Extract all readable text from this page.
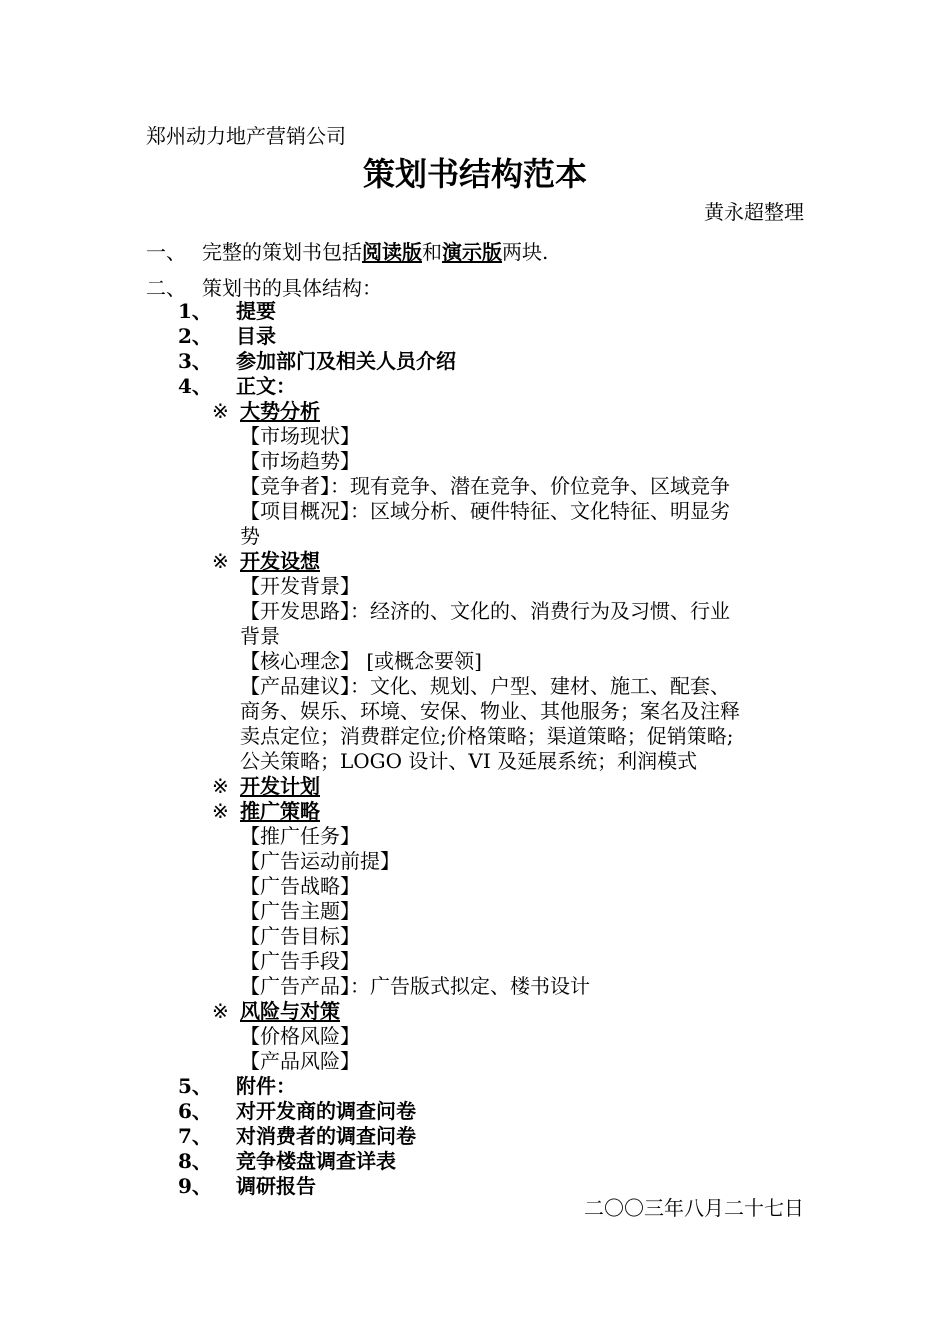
郑州动力地产营销公司
策划书结构范本
黄永超整理
一、 完整的策划书包括阅读版和演示版两块.
二、 策划书的具体结构：
1、 提要
2、 目录
3、 参加部门及相关人员介绍
4、 正文：
※ 大势分析
【市场现状】
【市场趋势】
【竞争者】：现有竞争、潜在竞争、价位竞争、区域竞争
【项目概况】：区域分析、硬件特征、文化特征、明显劣
势
※ 开发设想
【开发背景】
【开发思路】：经济的、文化的、消费行为及习惯、行业
背景
【核心理念】 [或概念要领]
【产品建议】：文化、规划、户型、建材、施工、配套、
商务、娱乐、环境、安保、物业、其他服务；案名及注释
卖点定位；消费群定位;价格策略；渠道策略；促销策略;
公关策略；LOGO 设计、VI 及延展系统；利润模式
※ 开发计划
※ 推广策略
【推广任务】
【广告运动前提】
【广告战略】
【广告主题】
【广告目标】
【广告手段】
【广告产品】：广告版式拟定、楼书设计
※ 风险与对策
【价格风险】
【产品风险】
5、 附件：
6、 对开发商的调查问卷
7、 对消费者的调查问卷
8、 竞争楼盘调查详表
9、 调研报告
二〇〇三年八月二十七日
